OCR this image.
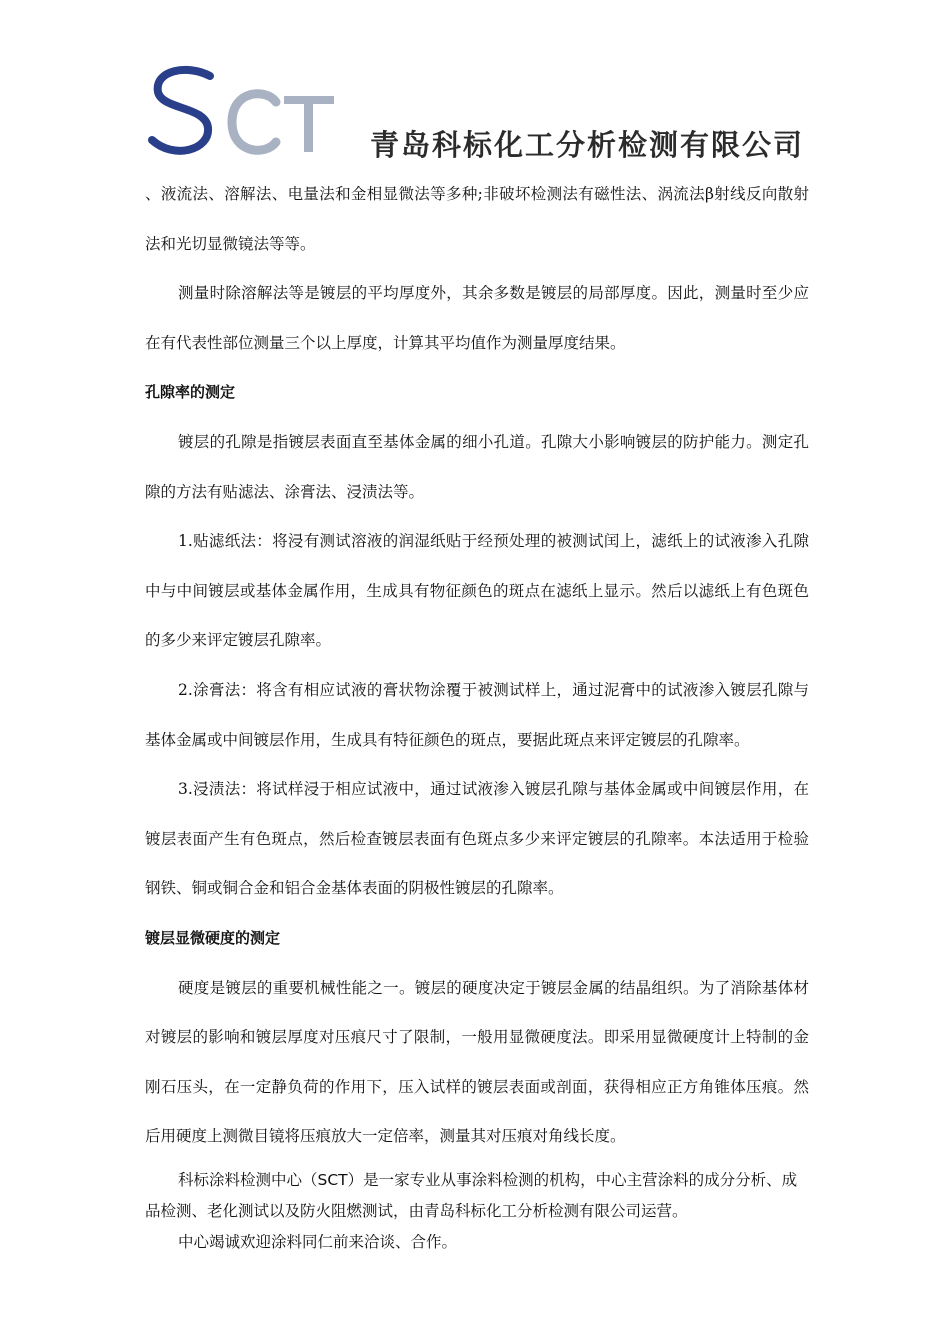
青岛科标化工分析检测有限公司

、液流法、溶解法、电量法和金相显微法等多种;非破坏检测法有磁性法、涡流法β射线反向散射法和光切显微镜法等等。

测量时除溶解法等是镀层的平均厚度外，其余多数是镀层的局部厚度。因此，测量时至少应在有代表性部位测量三个以上厚度，计算其平均值作为测量厚度结果。

孔隙率的测定

镀层的孔隙是指镀层表面直至基体金属的细小孔道。孔隙大小影响镀层的防护能力。测定孔隙的方法有贴滤法、涂膏法、浸渍法等。

1.贴滤纸法：将浸有测试溶液的润湿纸贴于经预处理的被测试闰上，滤纸上的试液渗入孔隙中与中间镀层或基体金属作用，生成具有物征颜色的斑点在滤纸上显示。然后以滤纸上有色斑色的多少来评定镀层孔隙率。

2.涂膏法：将含有相应试液的膏状物涂覆于被测试样上，通过泥膏中的试液渗入镀层孔隙与基体金属或中间镀层作用，生成具有特征颜色的斑点，要据此斑点来评定镀层的孔隙率。

3.浸渍法：将试样浸于相应试液中，通过试液渗入镀层孔隙与基体金属或中间镀层作用，在镀层表面产生有色斑点，然后检查镀层表面有色斑点多少来评定镀层的孔隙率。本法适用于检验钢铁、铜或铜合金和铝合金基体表面的阴极性镀层的孔隙率。

镀层显微硬度的测定

硬度是镀层的重要机械性能之一。镀层的硬度决定于镀层金属的结晶组织。为了消除基体材对镀层的影响和镀层厚度对压痕尺寸了限制，一般用显微硬度法。即采用显微硬度计上特制的金刚石压头，在一定静负荷的作用下，压入试样的镀层表面或剖面，获得相应正方角锥体压痕。然后用硬度上测微目镜将压痕放大一定倍率，测量其对压痕对角线长度。

科标涂料检测中心（SCT）是一家专业从事涂料检测的机构，中心主营涂料的成分分析、成品检测、老化测试以及防火阻燃测试，由青岛科标化工分析检测有限公司运营。

中心竭诚欢迎涂料同仁前来洽谈、合作。
